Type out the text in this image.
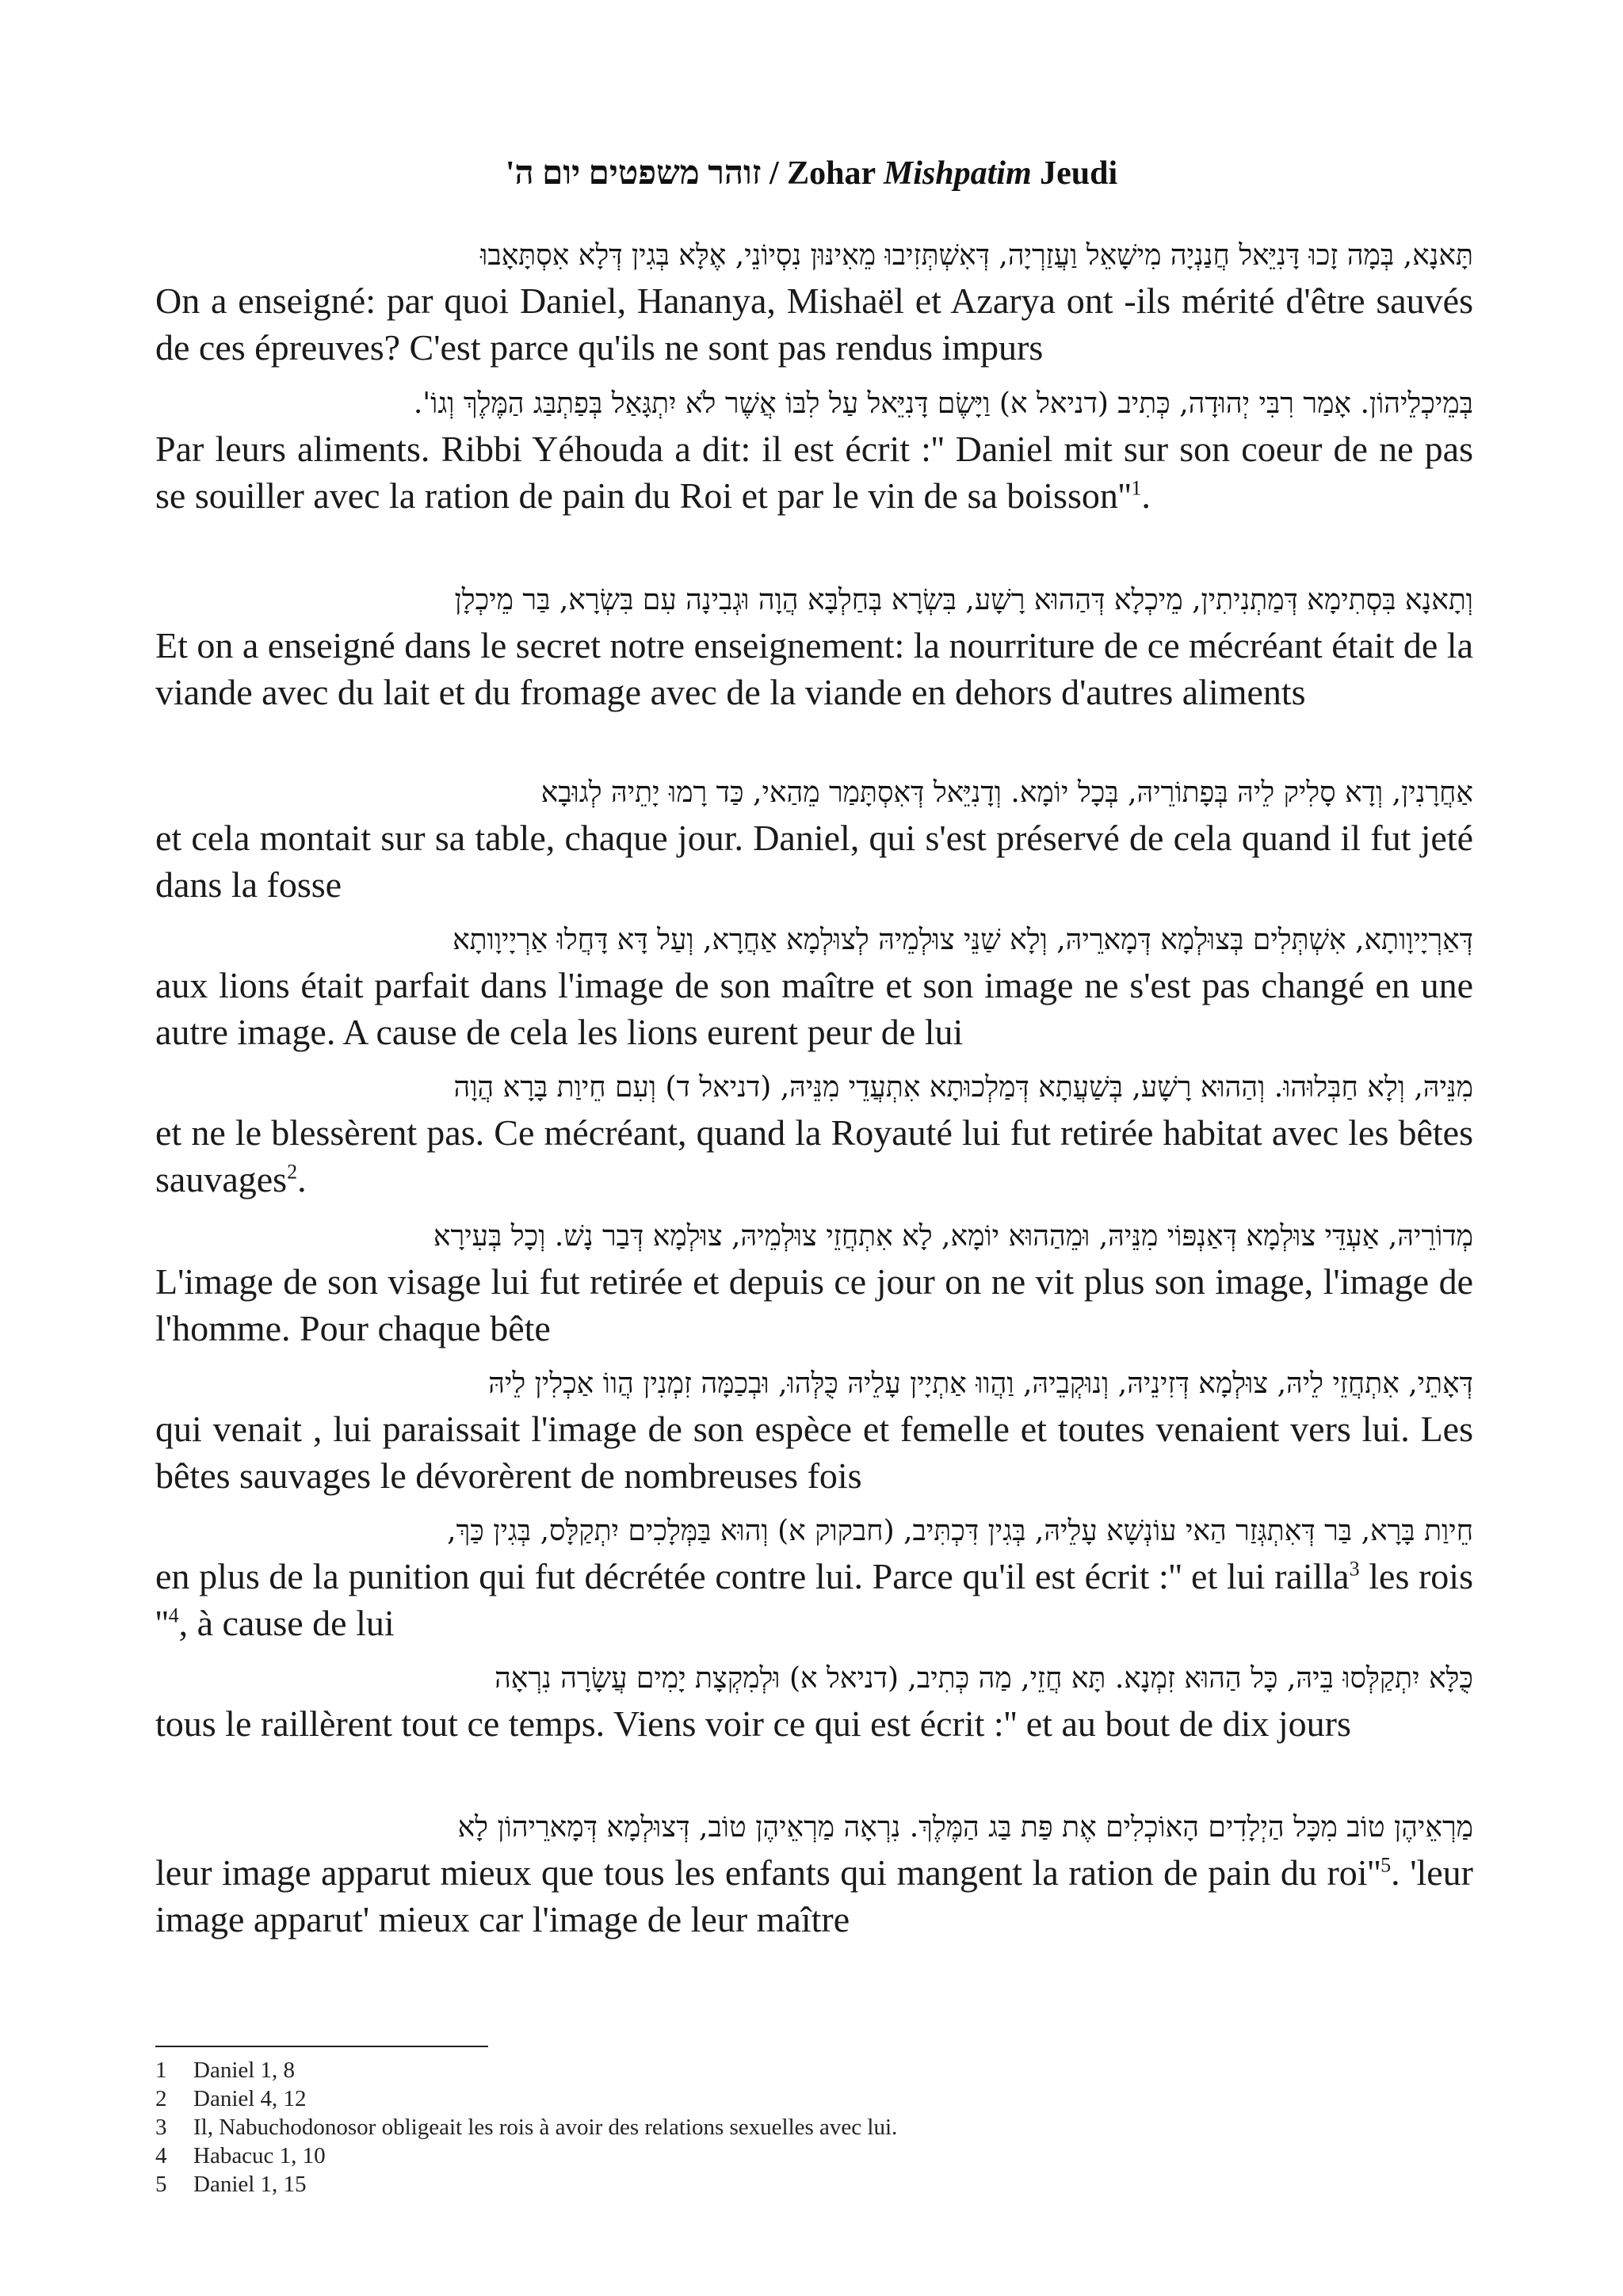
זוהר משפטים יום ה' / Zohar Mishpatim Jeudi
תָּאנָא, בְּמָה זָכוּ דָּנִיֵּאל חֲנַנְיָה מִישָׁאֵל וַעֲזַרְיָה, דְּאִשְׁתְּזִיבוּ מֵאִינּוּן נִסְיוֹנֵי, אֶלָּא בְּגִין דְּלָא אִסְתָּאָבוּ
On a enseigné: par quoi Daniel, Hananya, Mishaël et Azarya ont -ils mérité d'être sauvés de ces épreuves? C'est parce qu'ils ne sont pas rendus impurs
בְּמֵיכְלֵיהוֹן. אָמַר רִבִּי יְהוּדָה, כְּתִיב (דניאל א) וַיָּשֶׂם דָּנִיֵּאל עַל לִבּוֹ אֲשֶׁר לֹא יִתְגָּאַל בְּפַתְבַּג הַמֶּלֶךְ וְגוֹ'.
Par leurs aliments. Ribbi Yéhouda a dit: il est écrit :'' Daniel mit sur son coeur de ne pas se souiller avec la ration de pain du Roi et par le vin de sa $boisson''^1$.
וְתָאנָא בִּסְתִימָא דְּמַתְנִיתִין, מֵיכְלָא דְּהַהוּא רָשָׁע, בִּשְׂרָא בְּחַלְבָּא הֲוָה וּגְבִינָה עִם בִּשְׂרָא, בַּר מֵיכְלָן
Et on a enseigné dans le secret notre enseignement: la nourriture de ce mécréant était de la viande avec du lait et du fromage avec de la viande en dehors d'autres aliments
אַחֲרָנִין, וְדָא סָלִיק לֵיהּ בְּפָתוֹרֵיהּ, בְּכָל יוֹמָא. וְדָנִיֵּאל דְּאִסְתָּמַר מֵהַאי, כַּד רָמוּ יָתֵיהּ לְגוּבָא
et cela montait sur sa table, chaque jour. Daniel, qui s'est préservé de cela quand il fut jeté dans la fosse
דְּאַרְיָיוָותָא, אִשְׁתְּלִים בְּצוּלְמָא דְּמָארֵיהּ, וְלָא שַׁנֵּי צוּלְמֵיהּ לְצוּלְמָא אַחֲרָא, וְעַל דָּא דָּחֲלוּ אַרְיָיוָותָא
aux lions était parfait dans l'image de son maître et son image ne s'est pas changé en une autre image. A cause de cela les lions eurent peur de lui
מִנֵּיהּ, וְלָא חַבְּלוּהוּ. וְהַהוּא רָשָׁע, בְּשַׁעֲתָא דְּמַלְכוּתָא אִתְעֲדֵי מִנֵּיהּ, (דניאל ד) וְעִם חֵיוַת בָּרָא הֲוָה
et ne le blessèrent pas. Ce mécréant, quand la Royauté lui fut retirée habitat avec les bêtes sauvages$^2$.
מְדוֹרֵיהּ, אַעְדֵּי צוּלְמָא דְּאַנְפּוֹי מִנֵּיהּ, וּמֵהַהוּא יוֹמָא, לָא אִתְחֲזֵי צוּלְמֵיהּ, צוּלְמָא דְּבַר נָשׁ. וְכָל בְּעִירָא
L'image de son visage lui fut retirée et depuis ce jour on ne vit plus son image, l'image de l'homme. Pour chaque bête
דְּאָתֵי, אִתְחֲזֵי לֵיהּ, צוּלְמָא דְּזִינֵיהּ, וְנוּקְבֵיהּ, וַהֲווּ אַתְיָין עָלֵיהּ כֻּלְּהוּ, וּבְכַמָּה זִמְנִין הֲווֹ אַכְלִין לֵיהּ
qui venait , lui paraissait l'image de son espèce et femelle et toutes venaient vers lui. Les bêtes sauvages le dévorèrent de nombreuses fois
חֵיוַת בָּרָא, בַּר דְּאִתְגְּזַר הַאי עוֹנְשָׁא עָלֵיהּ, בְּגִין דִּכְתִּיב, (חבקוק א) וְהוּא בַּמְּלָכִים יִתְקַלָּס, בְּגִין כַּךְ,
en plus de la punition qui fut décrétée contre lui. Parce qu'il est écrit :'' et lui railla$^3$ les rois ''$^4$, à cause de lui
כֻּלָּא יִתְקַלְּסוּ בֵּיהּ, כָּל הַהוּא זִמְנָא. תָּא חֲזֵי, מַה כְּתִיב, (דניאל א) וּלְמִקְצָת יָמִים עֲשָׂרָה נִרְאָה
tous le raillèrent tout ce temps. Viens voir ce qui est écrit :'' et au bout de dix jours
מַרְאֵיהֶן טוֹב מִכָּל הַיְלָדִים הָאוֹכְלִים אֶת פַּת בַּג הַמֶּלֶךְ. נִרְאָה מַרְאֵיהֶן טוֹב, דְּצוּלְמָא דְּמָארֵיהוֹן לָא
leur image apparut mieux que tous les enfants qui mangent la ration de pain du $roi''^5$. 'leur image apparut' mieux car l'image de leur maître
1 Daniel 1, 8
2 Daniel 4, 12
3 Il, Nabuchodonosor obligeait les rois à avoir des relations sexuelles avec lui.
4 Habacuc 1, 10
5 Daniel 1, 15
